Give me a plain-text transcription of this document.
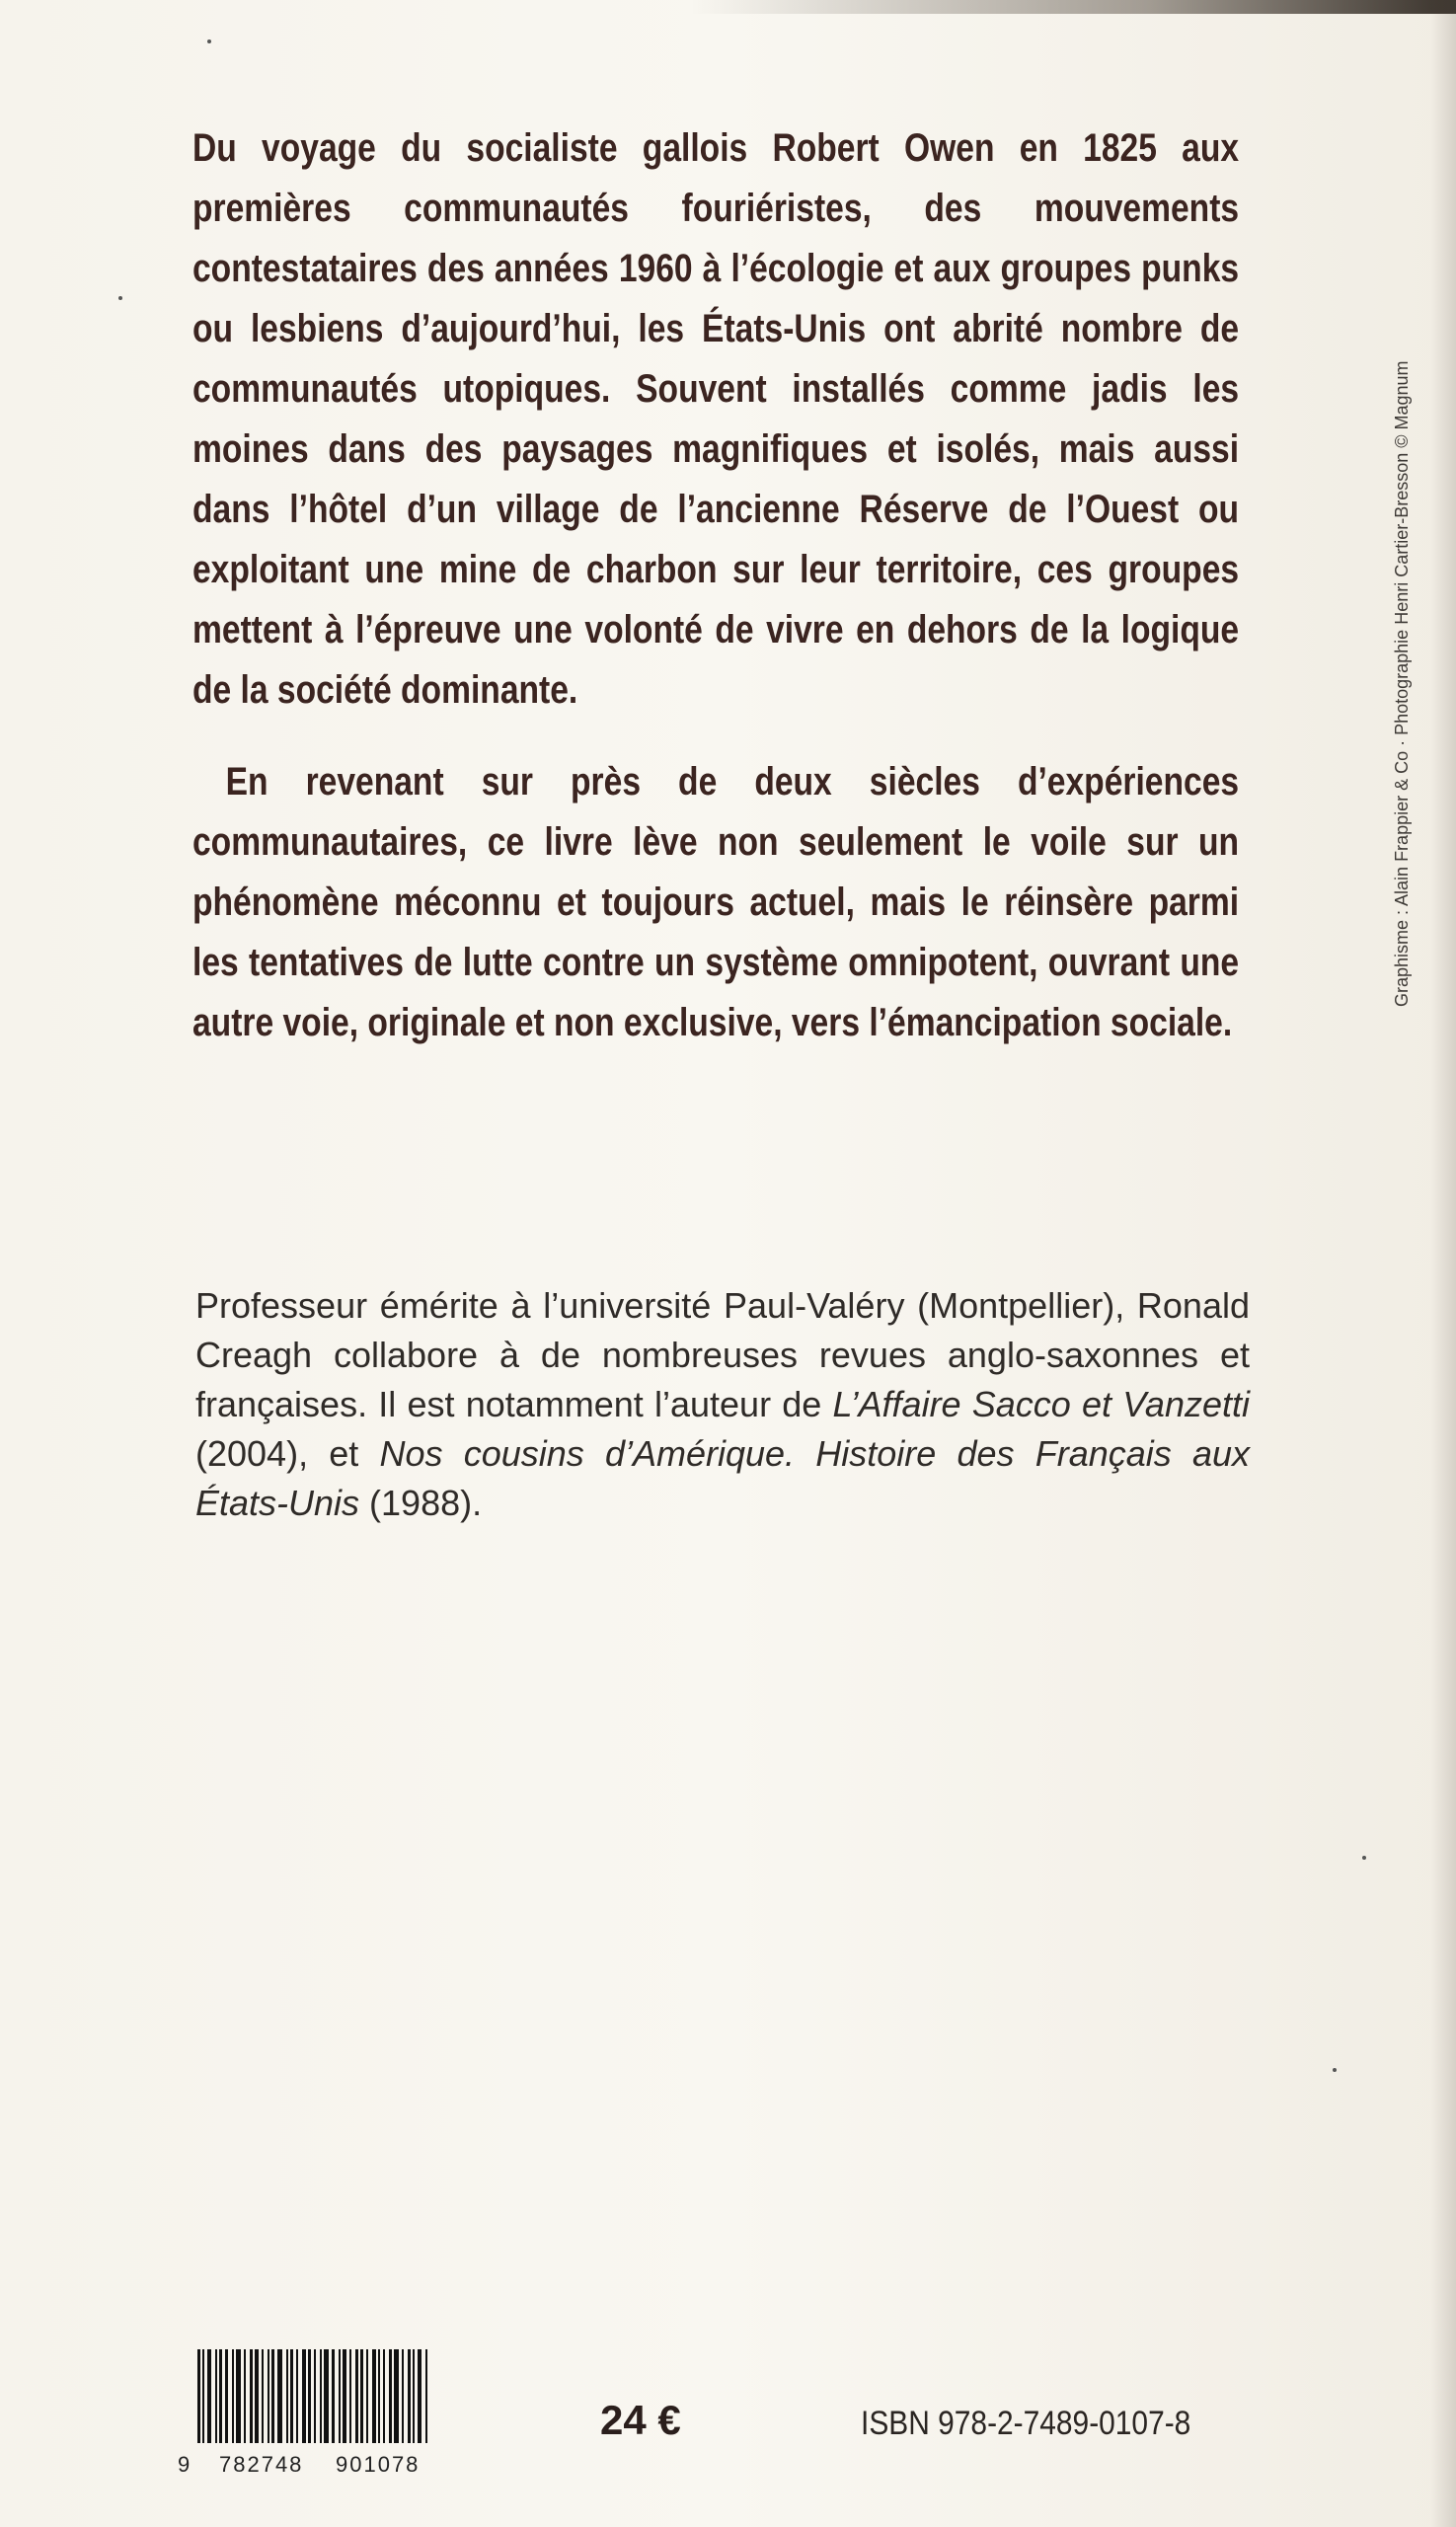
Du voyage du socialiste gallois Robert Owen en 1825 aux premières communautés fouriéristes, des mouvements contestataires des années 1960 à l’écologie et aux groupes punks ou lesbiens d’aujourd’hui, les États-Unis ont abrité nombre de communautés utopiques. Souvent installés comme jadis les moines dans des paysages magnifiques et isolés, mais aussi dans l’hôtel d’un village de l’ancienne Réserve de l’Ouest ou exploitant une mine de charbon sur leur territoire, ces groupes mettent à l’épreuve une volonté de vivre en dehors de la logique de la société dominante.

En revenant sur près de deux siècles d’expériences communautaires, ce livre lève non seulement le voile sur un phénomène méconnu et toujours actuel, mais le réinsère parmi les tentatives de lutte contre un système omnipotent, ouvrant une autre voie, originale et non exclusive, vers l’émancipation sociale.

Professeur émérite à l’université Paul-Valéry (Montpellier), Ronald Creagh collabore à de nombreuses revues anglo-saxonnes et françaises. Il est notamment l’auteur de L’Affaire Sacco et Vanzetti (2004), et Nos cousins d’Amérique. Histoire des Français aux États-Unis (1988).
Graphisme : Alain Frappier & Co · Photographie Henri Cartier-Bresson © Magnum
9 782748 901078
24 €	ISBN 978-2-7489-0107-8
